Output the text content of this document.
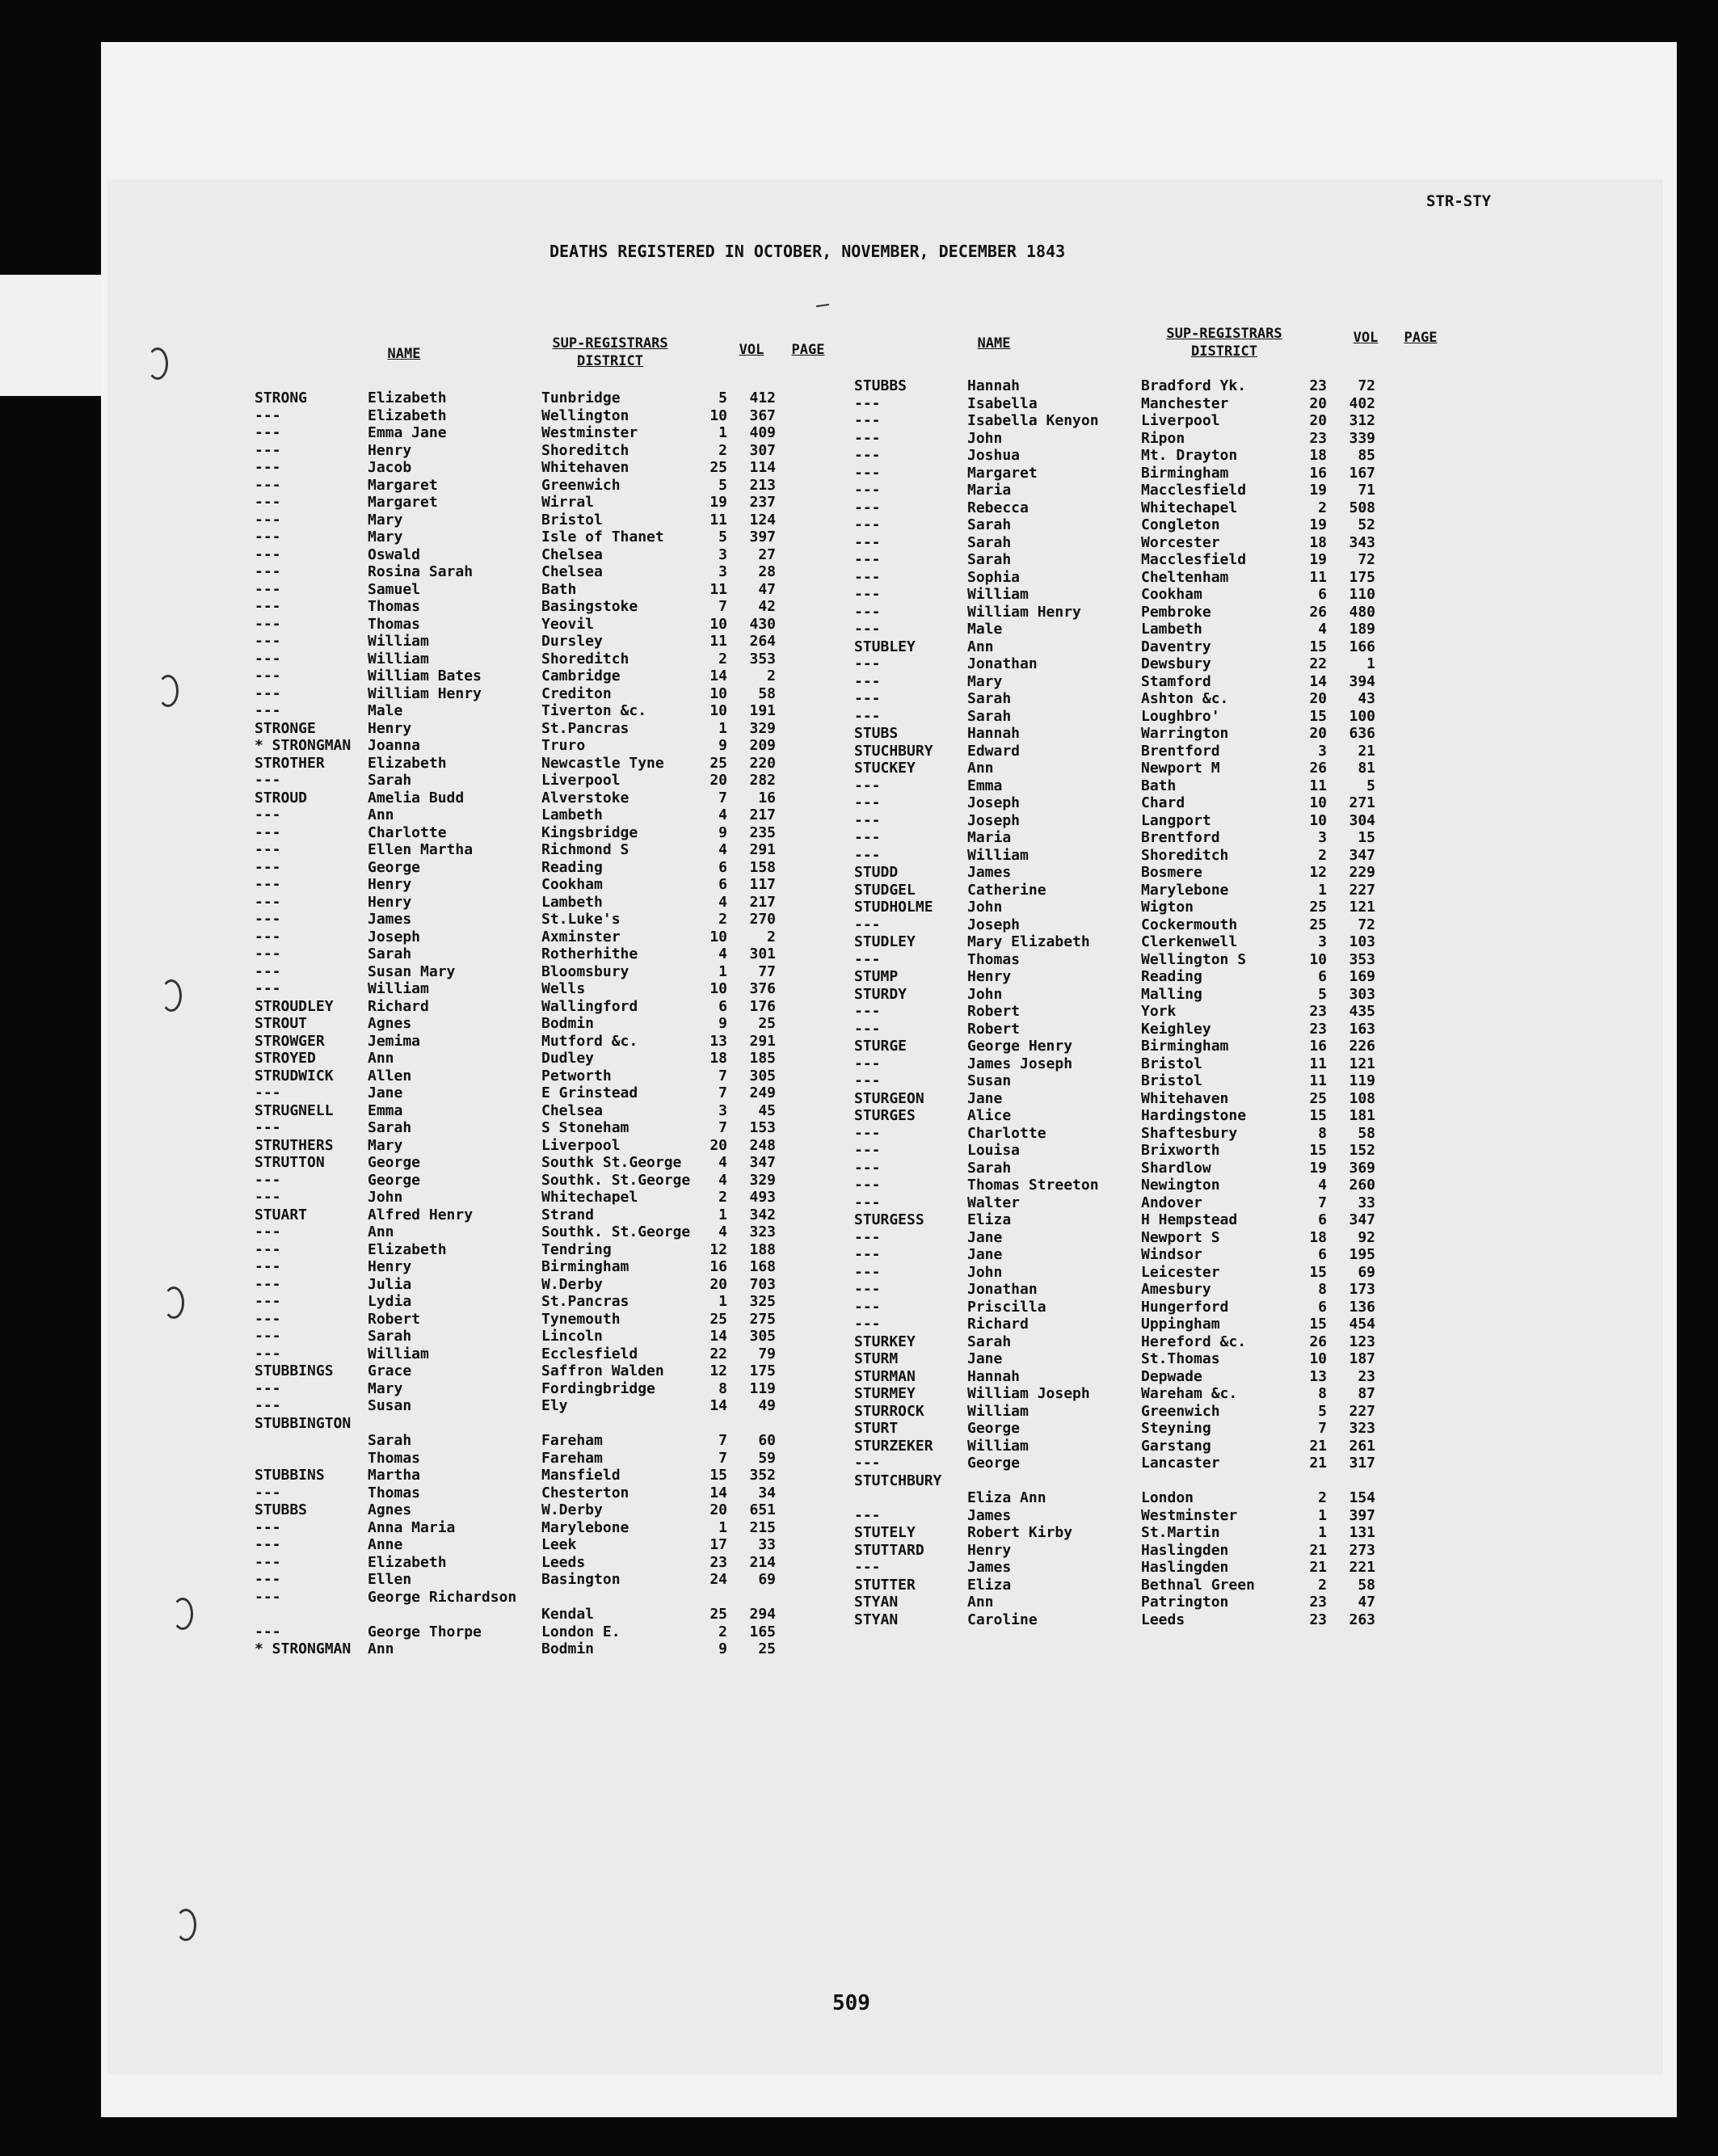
STR-STY
DEATHS REGISTERED IN OCTOBER, NOVEMBER, DECEMBER 1843
NAME
SUP-REGISTRARS
DISTRICT
VOL	PAGE	NAME
SUP-REGISTRARS
DISTRICT
VOL	PAGE
STRONG	Elizabeth	Tunbridge	5	412
---	Elizabeth	Wellington	10	367
---	Emma Jane	Westminster	1	409
---	Henry	Shoreditch	2	307
---	Jacob	Whitehaven	25	114
---	Margaret	Greenwich	5	213
---	Margaret	Wirral	19	237
---	Mary	Bristol	11	124
---	Mary	Isle of Thanet	5	397
---	Oswald	Chelsea	3	27
---	Rosina Sarah	Chelsea	3	28
---	Samuel	Bath	11	47
---	Thomas	Basingstoke	7	42
---	Thomas	Yeovil	10	430
---	William	Dursley	11	264
---	William	Shoreditch	2	353
---	William Bates	Cambridge	14	2
---	William Henry	Crediton	10	58
---	Male	Tiverton &c.	10	191
STRONGE	Henry	St.Pancras	1	329
* STRONGMAN Joanna	Truro	9	209
STROTHER	Elizabeth	Newcastle Tyne	25	220
---	Sarah	Liverpool	20	282
STROUD	Amelia Budd	Alverstoke	7	16
---	Ann	Lambeth	4	217
---	Charlotte	Kingsbridge	9	235
---	Ellen Martha	Richmond S	4	291
---	George	Reading	6	158
---	Henry	Cookham	6	117
---	Henry	Lambeth	4	217
---	James	St.Luke's	2	270
---	Joseph	Axminster	10	2
---	Sarah	Rotherhithe	4	301
---	Susan Mary	Bloomsbury	1	77
---	William	Wells	10	376
STROUDLEY Richard	Wallingford	6	176
STROUT	Agnes	Bodmin	9	25
STROWGER	Jemima	Mutford &c.	13	291
STROYED	Ann	Dudley	18	185
STRUDWICK Allen	Petworth	7	305
---	Jane	E Grinstead	7	249
STRUGNELL Emma	Chelsea	3	45
---	Sarah	S Stoneham	7	153
STRUTHERS Mary	Liverpool	20	248
STRUTTON	George	Southk St.George	4	347
---	George	Southk. St.George	4	329
---	John	Whitechapel	2	493
STUART	Alfred Henry	Strand	1	342
---	Ann	Southk. St.George	4	323
---	Elizabeth	Tendring	12	188
---	Henry	Birmingham	16	168
---	Julia	W.Derby	20	703
---	Lydia	St.Pancras	1	325
---	Robert	Tynemouth	25	275
---	Sarah	Lincoln	14	305
---	William	Ecclesfield	22	79
STUBBINGS Grace	Saffron Walden	12	175
---	Mary	Fordingbridge	8	119
---	Susan	Ely	14	49
STUBBINGTON
Sarah	Fareham	7	60
Thomas	Fareham	7	59
STUBBINS	Martha	Mansfield	15	352
---	Thomas	Chesterton	14	34
STUBBS	Agnes	W.Derby	20	651
---	Anna Maria	Marylebone	1	215
---	Anne	Leek	17	33
---	Elizabeth	Leeds	23	214
---	Ellen	Basington	24	69
---	George Richardson
Kendal	25	294
---	George Thorpe	London E.	2	165
* STRONGMAN Ann	Bodmin	9	25
STUBBS	Hannah	Bradford Yk.	23	72
---	Isabella	Manchester	20	402
---	Isabella Kenyon	Liverpool	20	312
---	John	Ripon	23	339
---	Joshua	Mt. Drayton	18	85
---	Margaret	Birmingham	16	167
---	Maria	Macclesfield	19	71
---	Rebecca	Whitechapel	2	508
---	Sarah	Congleton	19	52
---	Sarah	Worcester	18	343
---	Sarah	Macclesfield	19	72
---	Sophia	Cheltenham	11	175
---	William	Cookham	6	110
---	William Henry	Pembroke	26	480
---	Male	Lambeth	4	189
STUBLEY	Ann	Daventry	15	166
---	Jonathan	Dewsbury	22	1
---	Mary	Stamford	14	394
---	Sarah	Ashton &c.	20	43
---	Sarah	Loughbro'	15	100
STUBS	Hannah	Warrington	20	636
STUCHBURY Edward	Brentford	3	21
STUCKEY	Ann	Newport M	26	81
---	Emma	Bath	11	5
---	Joseph	Chard	10	271
---	Joseph	Langport	10	304
---	Maria	Brentford	3	15
---	William	Shoreditch	2	347
STUDD	James	Bosmere	12	229
STUDGEL	Catherine	Marylebone	1	227
STUDHOLME John	Wigton	25	121
---	Joseph	Cockermouth	25	72
STUDLEY	Mary Elizabeth	Clerkenwell	3	103
---	Thomas	Wellington S	10	353
STUMP	Henry	Reading	6	169
STURDY	John	Malling	5	303
---	Robert	York	23	435
---	Robert	Keighley	23	163
STURGE	George Henry	Birmingham	16	226
---	James Joseph	Bristol	11	121
---	Susan	Bristol	11	119
STURGEON	Jane	Whitehaven	25	108
STURGES	Alice	Hardingstone	15	181
---	Charlotte	Shaftesbury	8	58
---	Louisa	Brixworth	15	152
---	Sarah	Shardlow	19	369
---	Thomas Streeton	Newington	4	260
---	Walter	Andover	7	33
STURGESS	Eliza	H Hempstead	6	347
---	Jane	Newport S	18	92
---	Jane	Windsor	6	195
---	John	Leicester	15	69
---	Jonathan	Amesbury	8	173
---	Priscilla	Hungerford	6	136
---	Richard	Uppingham	15	454
STURKEY	Sarah	Hereford &c.	26	123
STURM	Jane	St.Thomas	10	187
STURMAN	Hannah	Depwade	13	23
STURMEY	William Joseph	Wareham &c.	8	87
STURROCK	William	Greenwich	5	227
STURT	George	Steyning	7	323
STURZEKER William	Garstang	21	261
---	George	Lancaster	21	317
STUTCHBURY
Eliza Ann	London	2	154
---	James	Westminster	1	397
STUTELY	Robert Kirby	St.Martin	1	131
STUTTARD	Henry	Haslingden	21	273
---	James	Haslingden	21	221
STUTTER	Eliza	Bethnal Green	2	58
STYAN	Ann	Patrington	23	47
STYAN	Caroline	Leeds	23	263
509
